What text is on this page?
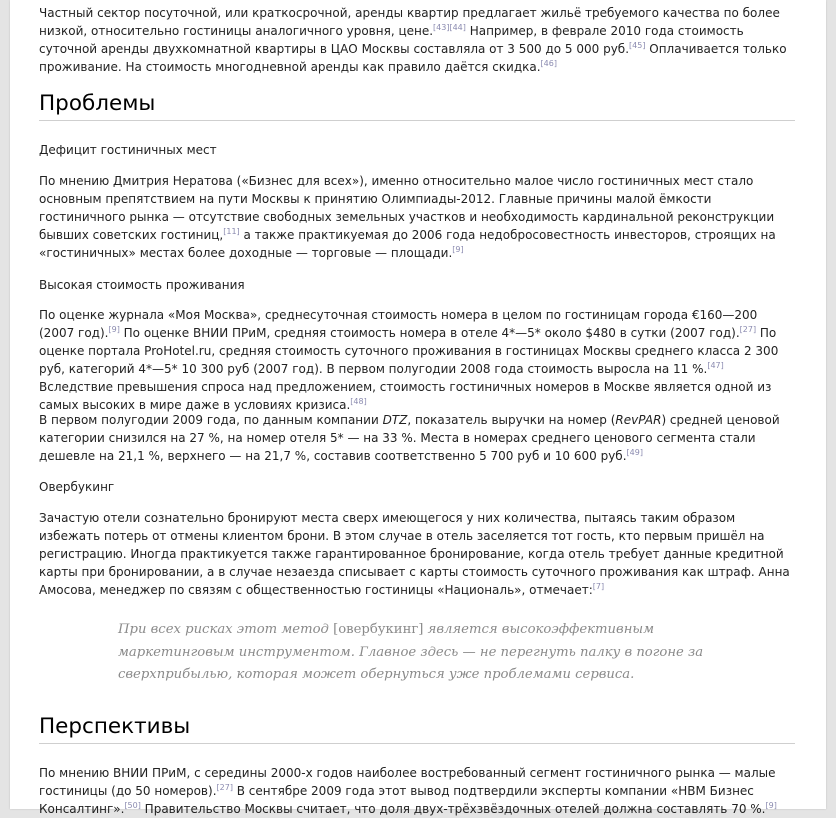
Частный сектор посуточной, или краткосрочной, аренды квартир предлагает жильё требуемого качества по более низкой, относительно гостиницы аналогичного уровня, цене.[43][44] Например, в феврале 2010 года стоимость суточной аренды двухкомнатной квартиры в ЦАО Москвы составляла от 3 500 до 5 000 руб.[45] Оплачивается только проживание. На стоимость многодневной аренды как правило даётся скидка.[46]

Проблемы
Дефицит гостиничных мест

По мнению Дмитрия Нератова («Бизнес для всех»), именно относительно малое число гостиничных мест стало основным препятствием на пути Москвы к принятию Олимпиады-2012. Главные причины малой ёмкости гостиничного рынка — отсутствие свободных земельных участков и необходимость кардинальной реконструкции бывших советских гостиниц,[11] а также практикуемая до 2006 года недобросовестность инвесторов, строящих на «гостиничных» местах более доходные — торговые — площади.[9]

Высокая стоимость проживания

По оценке журнала «Моя Москва», среднесуточная стоимость номера в целом по гостиницам города €160—200 (2007 год).[9] По оценке ВНИИ ПРиМ, средняя стоимость номера в отеле 4*—5* около $480 в сутки (2007 год).[27] По оценке портала ProHotel.ru, средняя стоимость суточного проживания в гостиницах Москвы среднего класса 2 300 руб, категорий 4*—5* 10 300 руб (2007 год). В первом полугодии 2008 года стоимость выросла на 11 %.[47] Вследствие превышения спроса над предложением, стоимость гостиничных номеров в Москве является одной из самых высоких в мире даже в условиях кризиса.[48]

В первом полугодии 2009 года, по данным компании DTZ, показатель выручки на номер (RevPAR) средней ценовой категории снизился на 27 %, на номер отеля 5* — на 33 %. Места в номерах среднего ценового сегмента стали дешевле на 21,1 %, верхнего — на 21,7 %, составив соответственно 5 700 руб и 10 600 руб.[49]

Овербукинг

Зачастую отели сознательно бронируют места сверх имеющегося у них количества, пытаясь таким образом избежать потерь от отмены клиентом брони. В этом случае в отель заселяется тот гость, кто первым пришёл на регистрацию. Иногда практикуется также гарантированное бронирование, когда отель требует данные кредитной карты при бронировании, а в случае незаезда списывает с карты стоимость суточного проживания как штраф. Анна Амосова, менеджер по связям с общественностью гостиницы «Националь», отмечает:[7]

При всех рисках этот метод [овербукинг] является высокоэффективным маркетинговым инструментом. Главное здесь — не перегнуть палку в погоне за сверхприбылью, которая может обернуться уже проблемами сервиса.
Перспективы

По мнению ВНИИ ПРиМ, с середины 2000-х годов наиболее востребованный сегмент гостиничного рынка — малые гостиницы (до 50 номеров).[27] В сентябре 2009 года этот вывод подтвердили эксперты компании «НВМ Бизнес Консалтинг».[50] Правительство Москвы считает, что доля двух-трёхзвёздочных отелей должна составлять 70 %.[9]
